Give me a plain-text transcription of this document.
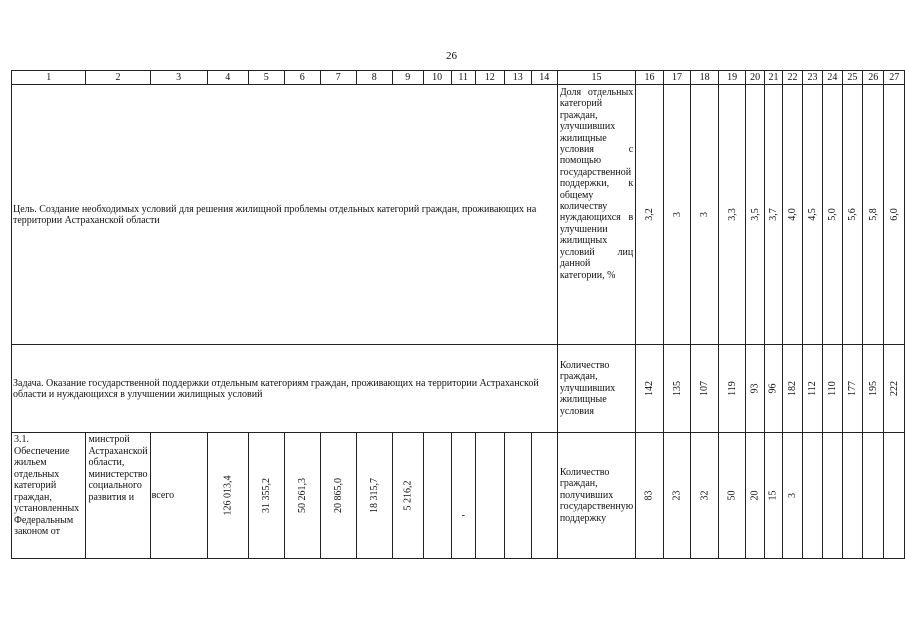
26
1	2	3	4	5	6	7	8	9	10	11	12	13	14	15	16	17	18	19	20	21	22	23	24	25	26	27
Цель. Создание необходимых условий для решения жилищной проблемы отдельных категорий граждан, проживающих на территории Астраханской области														Доля отдельных категорий граждан, улучшивших жилищные условия с помощью государственной поддержки, к общему количеству нуждающихся в улучшении жилищных условий лиц данной категории, %	3,2	3	3	3,3	3,5	3,7	4,0	4,5	5,0	5,6	5,8	6,0
Задача. Оказание государственной поддержки отдельным категориям граждан, проживающих на территории Астраханской области и нуждающихся в улучшении жилищных условий														Количество граждан, улучшивших жилищные условия	142	135	107	119	93	96	182	112	110	177	195	222
3.1. Обеспечение жильем отдельных категорий граждан, установленных Федеральным законом от	минстрой Астраханской области, министерство социального развития и	всего	126 013,4	31 355,2	50 261,3	20 865,0	18 315,7	5 216,2		-				Количество граждан, получивших государственную поддержку	83	23	32	50	20	15	3					
